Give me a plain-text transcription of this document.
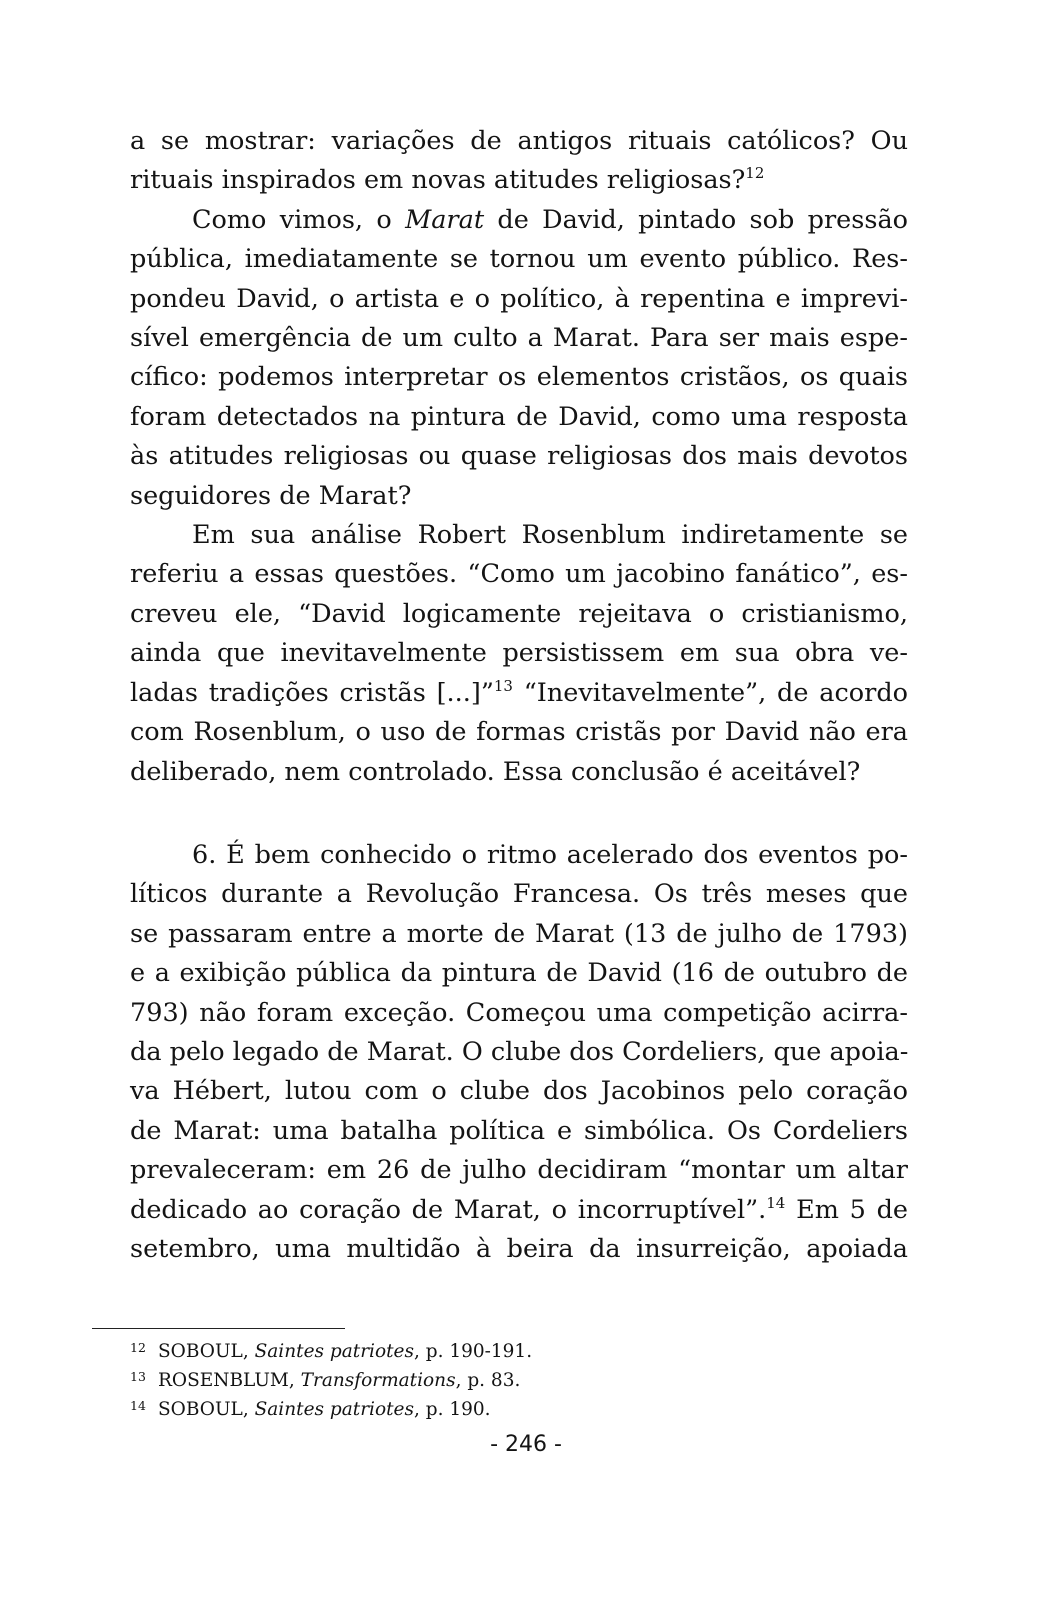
a se mostrar: variações de antigos rituais católicos? Ou
rituais inspirados em novas atitudes religiosas?$^{12}$
Como vimos, o Marat de David, pintado sob pressão
pública, imediatamente se tornou um evento público. Res-
pondeu David, o artista e o político, à repentina e imprevi-
sível emergência de um culto a Marat. Para ser mais espe-
cífico: podemos interpretar os elementos cristãos, os quais
foram detectados na pintura de David, como uma resposta
às atitudes religiosas ou quase religiosas dos mais devotos
seguidores de Marat?
Em sua análise Robert Rosenblum indiretamente se
referiu a essas questões. “Como um jacobino fanático”, es-
creveu ele, “David logicamente rejeitava o cristianismo,
ainda que inevitavelmente persistissem em sua obra ve-
ladas tradições cristãs [...]”$^{13}$ “Inevitavelmente”, de acordo
com Rosenblum, o uso de formas cristãs por David não era
deliberado, nem controlado. Essa conclusão é aceitável?
6. É bem conhecido o ritmo acelerado dos eventos po-
líticos durante a Revolução Francesa. Os três meses que
se passaram entre a morte de Marat (13 de julho de 1793)
e a exibição pública da pintura de David (16 de outubro de
793) não foram exceção. Começou uma competição acirra-
da pelo legado de Marat. O clube dos Cordeliers, que apoia-
va Hébert, lutou com o clube dos Jacobinos pelo coração
de Marat: uma batalha política e simbólica. Os Cordeliers
prevaleceram: em 26 de julho decidiram “montar um altar
dedicado ao coração de Marat, o incorruptível”.$^{14}$ Em 5 de
setembro, uma multidão à beira da insurreição, apoiada
12 SOBOUL, Saintes patriotes, p. 190-191.
13 ROSENBLUM, Transformations, p. 83.
14 SOBOUL, Saintes patriotes, p. 190.
- 246 -
